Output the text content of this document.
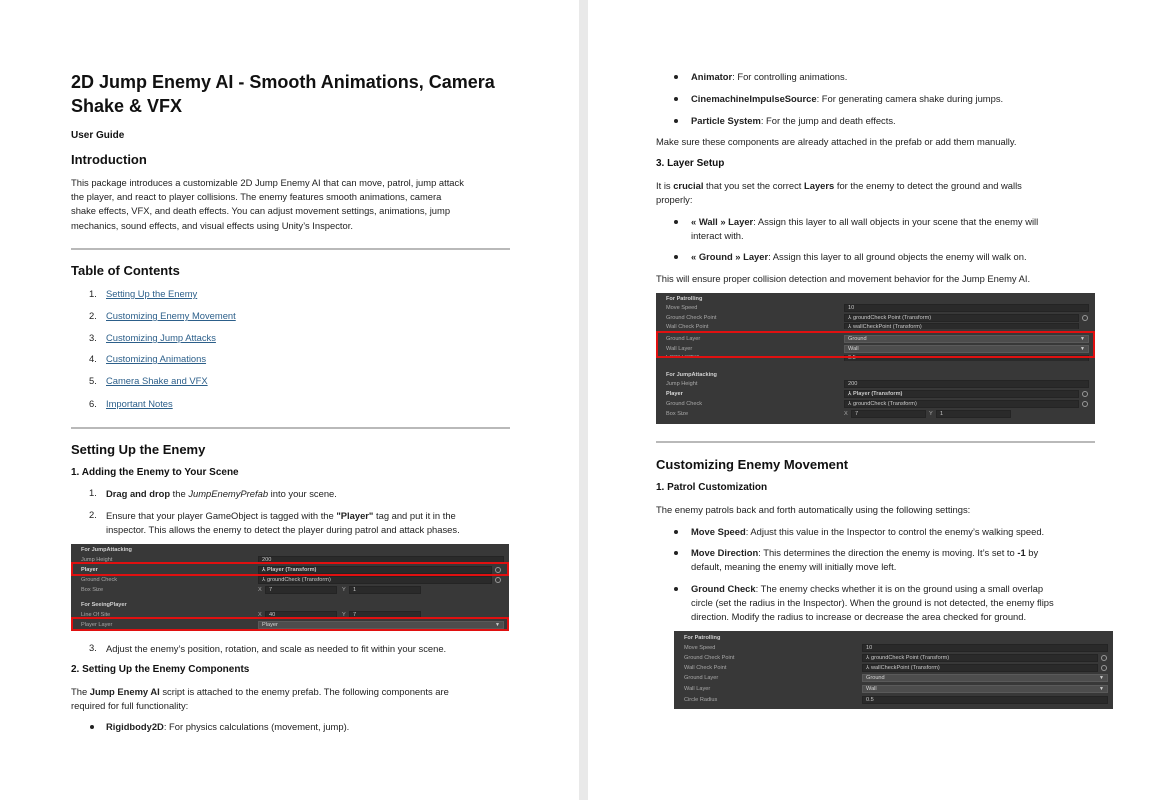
2D Jump Enemy AI - Smooth Animations, Camera
Shake & VFX
User Guide
Introduction
This package introduces a customizable 2D Jump Enemy AI that can move, patrol, jump attack
the player, and react to player collisions. The enemy features smooth animations, camera
shake effects, VFX, and death effects. You can adjust movement settings, animations, jump
mechanics, sound effects, and visual effects using Unity’s Inspector.
Table of Contents
1. Setting Up the Enemy
2. Customizing Enemy Movement
3. Customizing Jump Attacks
4. Customizing Animations
5. Camera Shake and VFX
6. Important Notes
Setting Up the Enemy
1. Adding the Enemy to Your Scene
1. Drag and drop the JumpEnemyPrefab into your scene.
2. Ensure that your player GameObject is tagged with the "Player" tag and put it in the
inspector. This allows the enemy to detect the player during patrol and attack phases.
For JumpAttacking
Jump Height	200
Player	⅄ Player (Transform)
Ground Check	⅄ groundCheck (Transform)
Box Size	X	7	Y	1
For SeeingPlayer
Line Of Site	X	40	Y	7
Player Layer	Player	▼
3. Adjust the enemy’s position, rotation, and scale as needed to fit within your scene.
2. Setting Up the Enemy Components
The Jump Enemy AI script is attached to the enemy prefab. The following components are
required for full functionality:
Rigidbody2D: For physics calculations (movement, jump).
Animator: For controlling animations.
CinemachineImpulseSource: For generating camera shake during jumps.
Particle System: For the jump and death effects.
Make sure these components are already attached in the prefab or add them manually.
3. Layer Setup
It is crucial that you set the correct Layers for the enemy to detect the ground and walls
properly:
« Wall » Layer: Assign this layer to all wall objects in your scene that the enemy will
interact with.
« Ground » Layer: Assign this layer to all ground objects the enemy will walk on.
This will ensure proper collision detection and movement behavior for the Jump Enemy AI.
For Patrolling
Move Speed	10
Ground Check Point	⅄ groundCheck Point (Transform)
Wall Check Point	⅄ wallCheckPoint (Transform)
Ground Layer	Ground	▼
Wall Layer	Wall	▼
Circle Radius	0.5
For JumpAttacking
Jump Height	200
Player	⅄ Player (Transform)
Ground Check	⅄ groundCheck (Transform)
Box Size	X	7	Y	1
Customizing Enemy Movement
1. Patrol Customization
The enemy patrols back and forth automatically using the following settings:
Move Speed: Adjust this value in the Inspector to control the enemy’s walking speed.
Move Direction: This determines the direction the enemy is moving. It’s set to -1 by
default, meaning the enemy will initially move left.
Ground Check: The enemy checks whether it is on the ground using a small overlap
circle (set the radius in the Inspector). When the ground is not detected, the enemy flips
direction. Modify the radius to increase or decrease the area checked for ground.
For Patrolling
Move Speed	10
Ground Check Point	⅄ groundCheck Point (Transform)
Wall Check Point	⅄ wallCheckPoint (Transform)
Ground Layer	Ground	▼
Wall Layer	Wall	▼
Circle Radius	0.5
